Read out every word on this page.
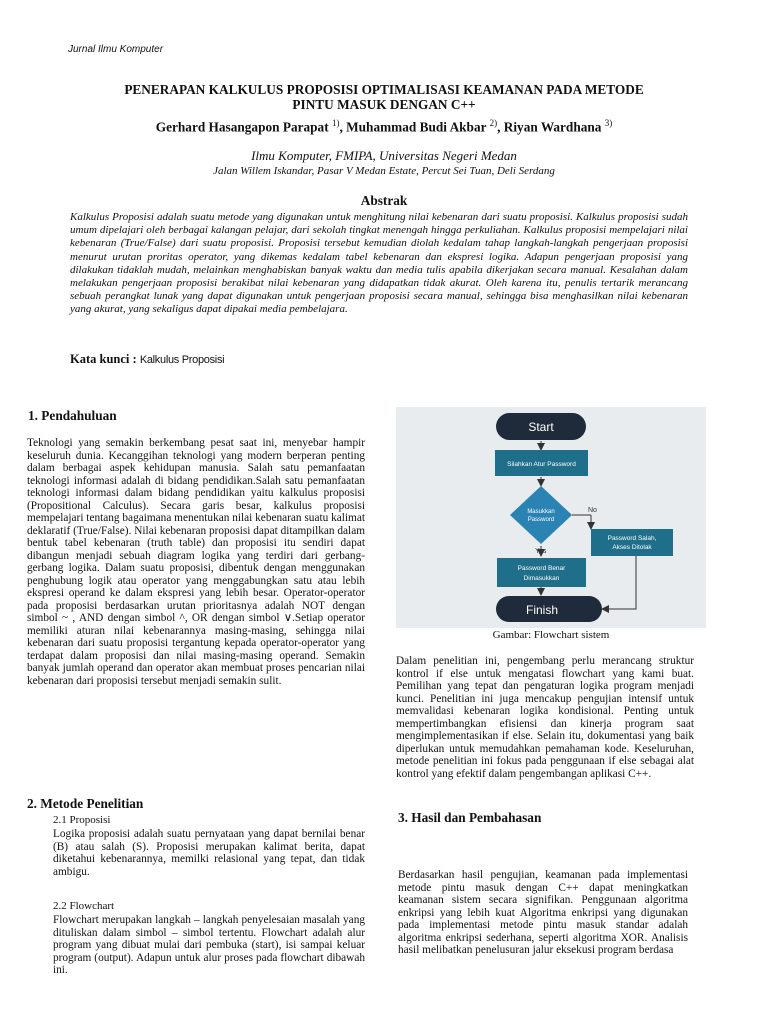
Jurnal Ilmu Komputer
PENERAPAN KALKULUS PROPOSISI OPTIMALISASI KEAMANAN PADA METODE
PINTU MASUK DENGAN C++
Gerhard Hasangapon Parapat $^{1)}$, Muhammad Budi Akbar $^{2)}$, Riyan Wardhana $^{3)}$
Ilmu Komputer, FMIPA, Universitas Negeri Medan
Jalan Willem Iskandar, Pasar V Medan Estate, Percut Sei Tuan, Deli Serdang
Abstrak
Kalkulus Proposisi adalah suatu metode yang digunakan untuk menghitung nilai kebenaran dari suatu proposisi. Kalkulus proposisi sudah umum dipelajari oleh berbagai kalangan pelajar, dari sekolah tingkat menengah hingga perkuliahan. Kalkulus proposisi mempelajari nilai kebenaran (True/False) dari suatu proposisi. Proposisi tersebut kemudian diolah kedalam tahap langkah-langkah pengerjaan proposisi menurut urutan proritas operator, yang dikemas kedalam tabel kebenaran dan ekspresi logika. Adapun pengerjaan proposisi yang dilakukan tidaklah mudah, melainkan menghabiskan banyak waktu dan media tulis apabila dikerjakan secara manual. Kesalahan dalam melakukan pengerjaan proposisi berakibat nilai kebenaran yang didapatkan tidak akurat. Oleh karena itu, penulis tertarik merancang sebuah perangkat lunak yang dapat digunakan untuk pengerjaan proposisi secara manual, sehingga bisa menghasilkan nilai kebenaran yang akurat, yang sekaligus dapat dipakai media pembelajara.
Kata kunci : Kalkulus Proposisi
1. Pendahuluan
Teknologi yang semakin berkembang pesat saat ini, menyebar hampir keseluruh dunia. Kecanggihan teknologi yang modern berperan penting dalam berbagai aspek kehidupan manusia. Salah satu pemanfaatan teknologi informasi adalah di bidang pendidikan.Salah satu pemanfaatan teknologi informasi dalam bidang pendidikan yaitu kalkulus proposisi (Propositional Calculus). Secara garis besar, kalkulus proposisi mempelajari tentang bagaimana menentukan nilai kebenaran suatu kalimat deklaratif (True/False). Nilai kebenaran proposisi dapat ditampilkan dalam bentuk tabel kebenaran (truth table) dan proposisi itu sendiri dapat dibangun menjadi sebuah diagram logika yang terdiri dari gerbang-gerbang logika. Dalam suatu proposisi, dibentuk dengan menggunakan penghubung logik atau operator yang menggabungkan satu atau lebih ekspresi operand ke dalam ekspresi yang lebih besar. Operator-operator pada proposisi berdasarkan urutan prioritasnya adalah NOT dengan simbol ~ , AND dengan simbol ^, OR dengan simbol ∨.Setiap operator memiliki aturan nilai kebenarannya masing-masing, sehingga nilai kebenaran dari suatu proposisi tergantung kepada operator-operator yang terdapat dalam proposisi dan nilai masing-masing operand. Semakin banyak jumlah operand dan operator akan membuat proses pencarian nilai kebenaran dari proposisi tersebut menjadi semakin sulit.
2. Metode Penelitian
2.1 Proposisi
Logika proposisi adalah suatu pernyataan yang dapat bernilai benar (B) atau salah (S). Proposisi merupakan kalimat berita, dapat diketahui kebenarannya, memilki relasional yang tepat, dan tidak ambigu.
2.2 Flowchart
Flowchart merupakan langkah – langkah penyelesaian masalah yang dituliskan dalam simbol – simbol tertentu. Flowchart adalah alur program yang dibuat mulai dari pembuka (start), isi sampai keluar program (output). Adapun untuk alur proses pada flowchart dibawah ini.
Start
Silahkan Atur Password
Masukkan
Password
No
Yes
Password Salah,
Akses Ditolak
Password Benar
Dimasukkan
Finish
Gambar: Flowchart sistem
Dalam penelitian ini, pengembang perlu merancang struktur kontrol if else untuk mengatasi flowchart yang kami buat. Pemilihan yang tepat dan pengaturan logika program menjadi kunci. Penelitian ini juga mencakup pengujian intensif untuk memvalidasi kebenaran logika kondisional. Penting untuk mempertimbangkan efisiensi dan kinerja program saat mengimplementasikan if else. Selain itu, dokumentasi yang baik diperlukan untuk memudahkan pemahaman kode. Keseluruhan, metode penelitian ini fokus pada penggunaan if else sebagai alat kontrol yang efektif dalam pengembangan aplikasi C++.
3. Hasil dan Pembahasan
Berdasarkan hasil pengujian, keamanan pada implementasi metode pintu masuk dengan C++ dapat meningkatkan keamanan sistem secara signifikan. Penggunaan algoritma enkripsi yang lebih kuat Algoritma enkripsi yang digunakan pada implementasi metode pintu masuk standar adalah algoritma enkripsi sederhana, seperti algoritma XOR. Analisis hasil melibatkan penelusuran jalur eksekusi program berdasa
